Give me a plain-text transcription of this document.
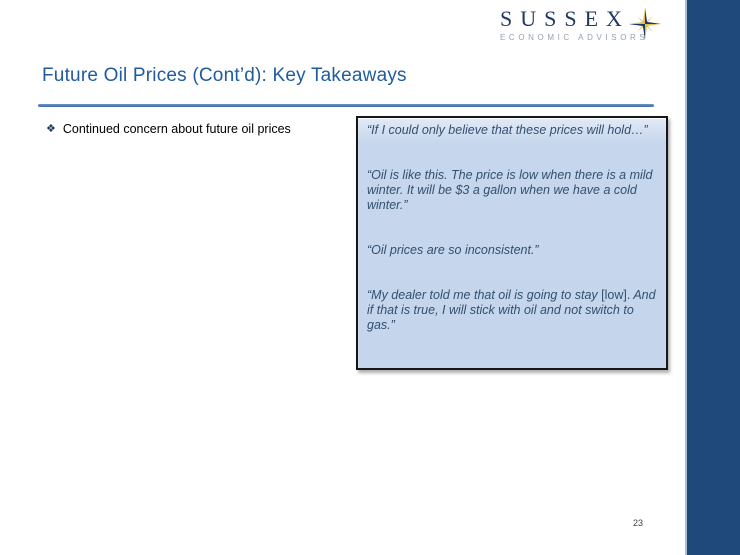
SUSSEX
ECONOMIC ADVISORS
Future Oil Prices (Cont’d): Key Takeaways
❖ Continued concern about future oil prices	“If I could only believe that these prices will hold…”

“Oil is like this. The price is low when there is a mild winter. It will be $3 a gallon when we have a cold winter.”

“Oil prices are so inconsistent.”

“My dealer told me that oil is going to stay [low]. And if that is true, I will stick with oil and not switch to gas.”

23
